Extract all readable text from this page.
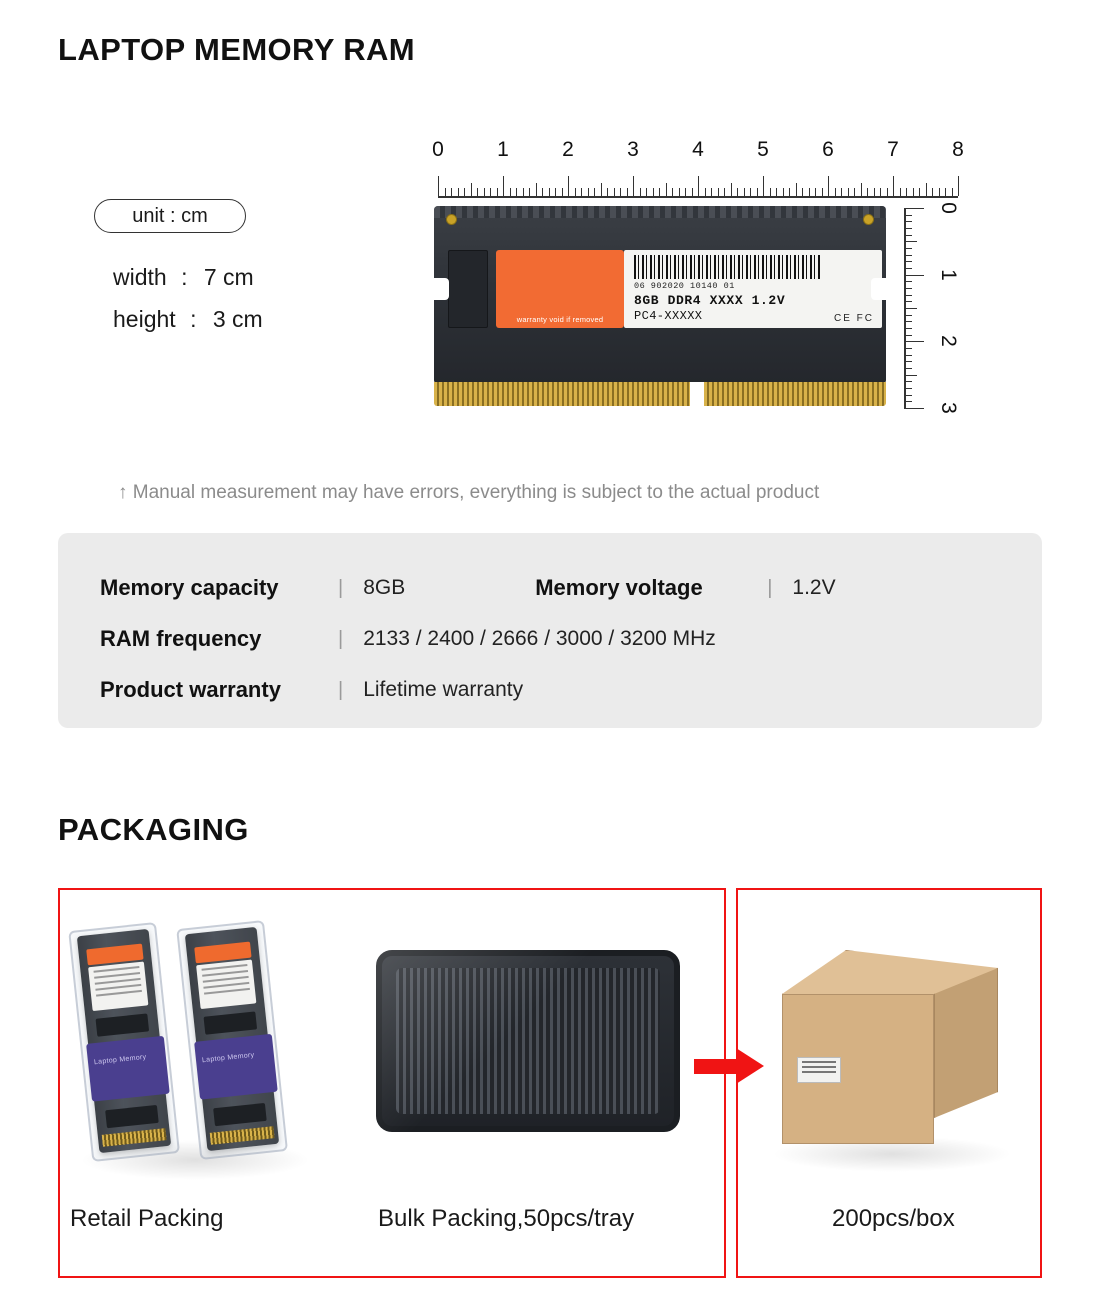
LAPTOP MEMORY RAM
unit : cm
width : 7 cm
height : 3 cm	warranty void if removed
06 902020 10140 01
8GB DDR4 XXXX 1.2V
PC4-XXXXX	CE FC
0	1	2	3	4	5	6	7	8
0
1
2
3
↑ Manual measurement may have errors, everything is subject to the actual product
Memory capacity	| 8GB	Memory voltage	| 1.2V
RAM frequency	| 2133 / 2400 / 2666 / 3000 / 3200 MHz
Product warranty	| Lifetime warranty
PACKAGING
Laptop Memory	Laptop Memory
Retail Packing	Bulk Packing,50pcs/tray	200pcs/box
